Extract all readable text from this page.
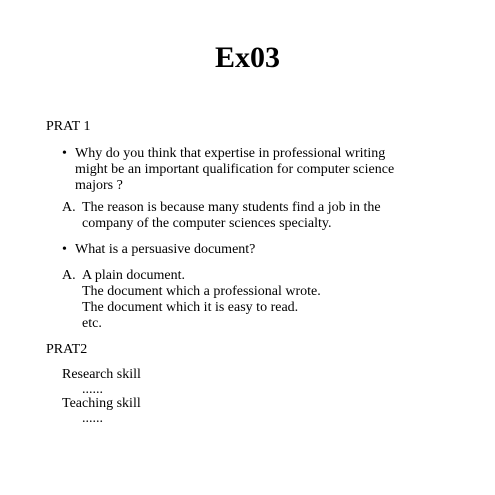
Ex03
PRAT 1
• Why do you think that expertise in professional writing
might be an important qualification for computer science
majors ?
A. The reason is because many students find a job in the
company of the computer sciences specialty.
• What is a persuasive document?
A. A plain document.
The document which a professional wrote.
The document which it is easy to read.
etc.
PRAT2
Research skill
......
Teaching skill
......
